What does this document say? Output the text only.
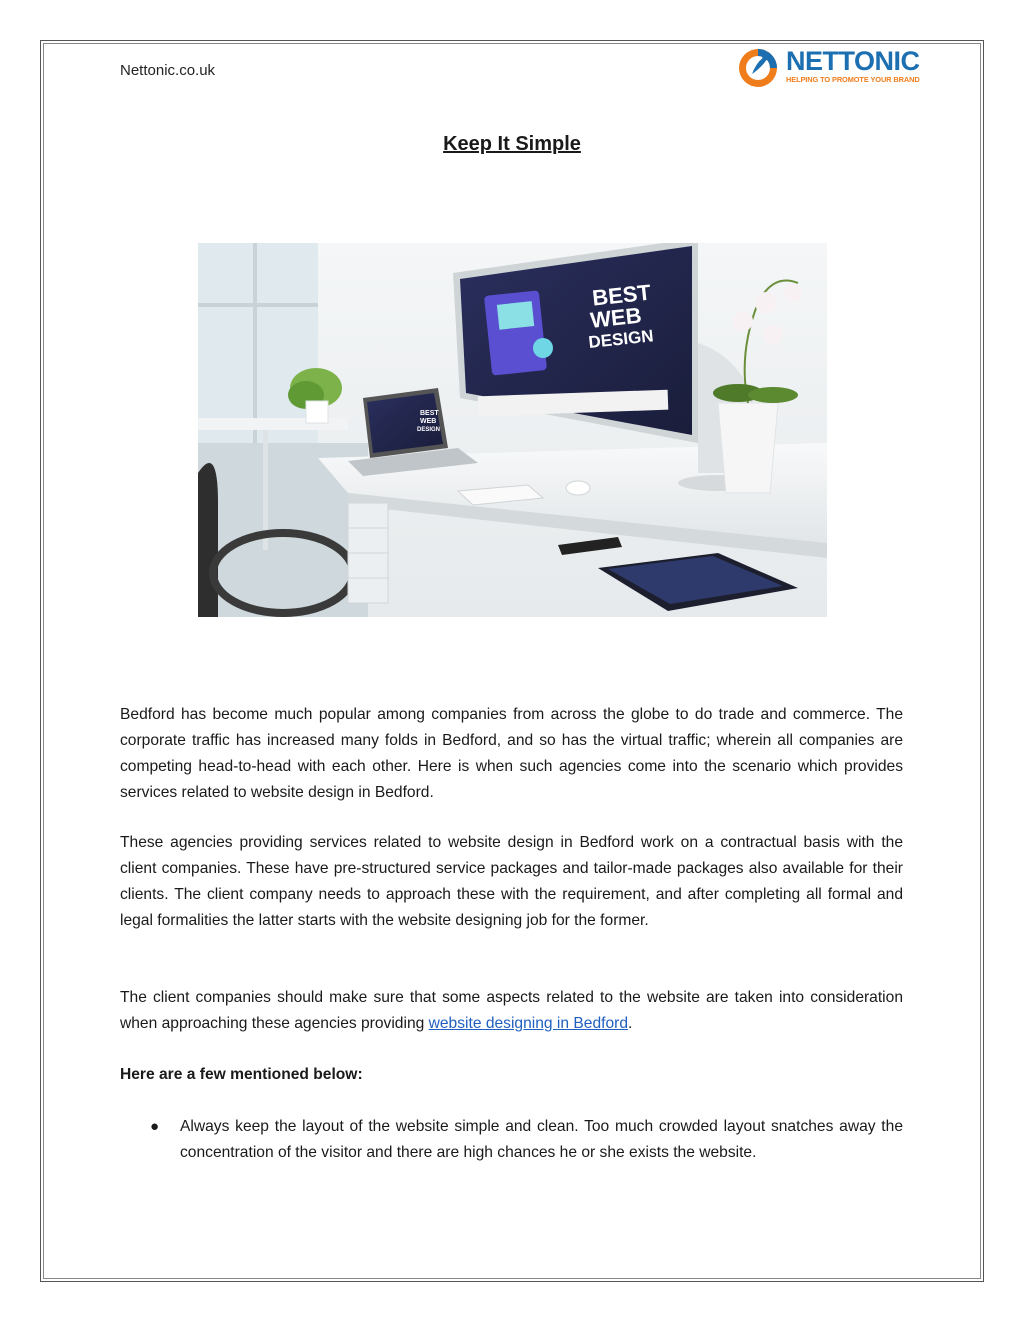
Nettonic.co.uk	NETTONIC
HELPING TO PROMOTE YOUR BRAND
Keep It Simple
BEST
WEB
DESIGN
BEST
WEB
DESIGN
Bedford has become much popular among companies from across the globe to do trade and commerce. The corporate traffic has increased many folds in Bedford, and so has the virtual traffic; wherein all companies are competing head-to-head with each other. Here is when such agencies come into the scenario which provides services related to website design in Bedford.
These agencies providing services related to website design in Bedford work on a contractual basis with the client companies. These have pre-structured service packages and tailor-made packages also available for their clients. The client company needs to approach these with the requirement, and after completing all formal and legal formalities the latter starts with the website designing job for the former.
The client companies should make sure that some aspects related to the website are taken into consideration when approaching these agencies providing website designing in Bedford.
Here are a few mentioned below:
● Always keep the layout of the website simple and clean. Too much crowded layout snatches away the concentration of the visitor and there are high chances he or she exists the website.
